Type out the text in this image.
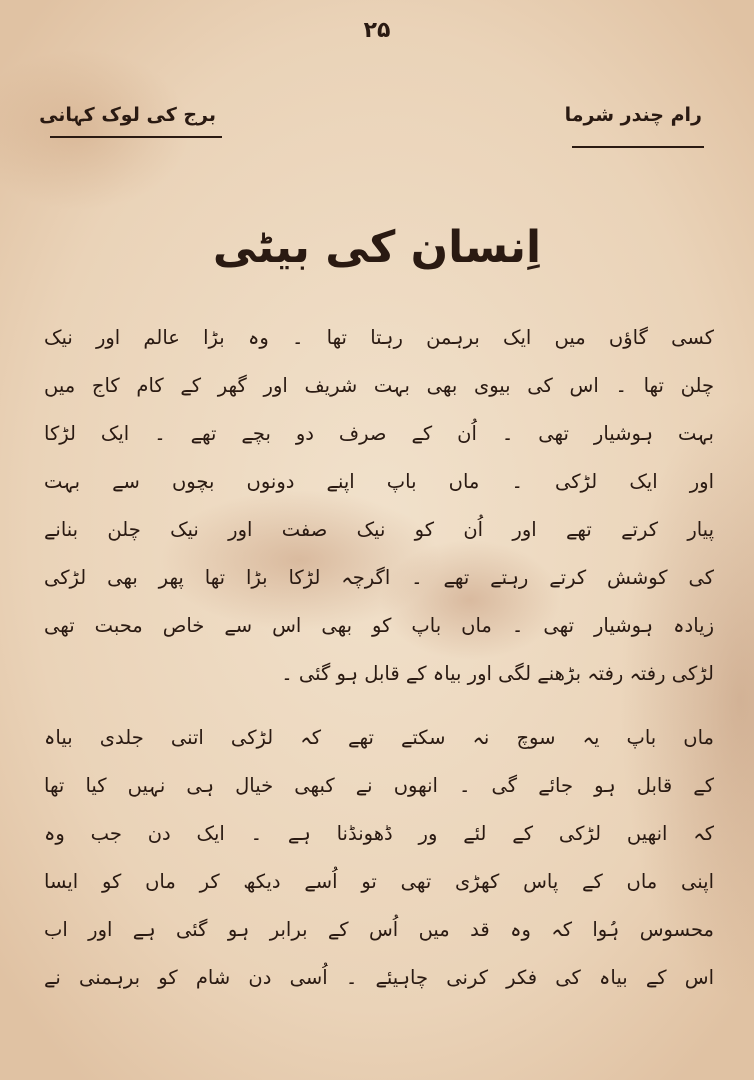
۲۵
برج کی لوک کہانی	رام چندر شرما
اِنسان کی بیٹی
کسی گاؤں میں ایک برہمن رہتا تھا ۔ وہ بڑا عالم اور نیک
چلن تھا ۔ اس کی بیوی بھی بہت شریف اور گھر کے کام کاج میں
بہت ہوشیار تھی ۔ اُن کے صرف دو بچے تھے ۔ ایک لڑکا
اور ایک لڑکی ۔ ماں باپ اپنے دونوں بچوں سے بہت
پیار کرتے تھے اور اُن کو نیک صفت اور نیک چلن بنانے
کی کوشش کرتے رہتے تھے ۔ اگرچہ لڑکا بڑا تھا پھر بھی لڑکی
زیادہ ہوشیار تھی ۔ ماں باپ کو بھی اس سے خاص محبت تھی
لڑکی رفتہ رفتہ بڑھنے لگی اور بیاہ کے قابل ہو گئی ۔
ماں باپ یہ سوچ نہ سکتے تھے کہ لڑکی اتنی جلدی بیاہ
کے قابل ہو جائے گی ۔ انھوں نے کبھی خیال ہی نہیں کیا تھا
کہ انھیں لڑکی کے لئے ور ڈھونڈنا ہے ۔ ایک دن جب وہ
اپنی ماں کے پاس کھڑی تھی تو اُسے دیکھ کر ماں کو ایسا
محسوس ہُوا کہ وہ قد میں اُس کے برابر ہو گئی ہے اور اب
اس کے بیاہ کی فکر کرنی چاہیئے ۔ اُسی دن شام کو برہمنی نے
